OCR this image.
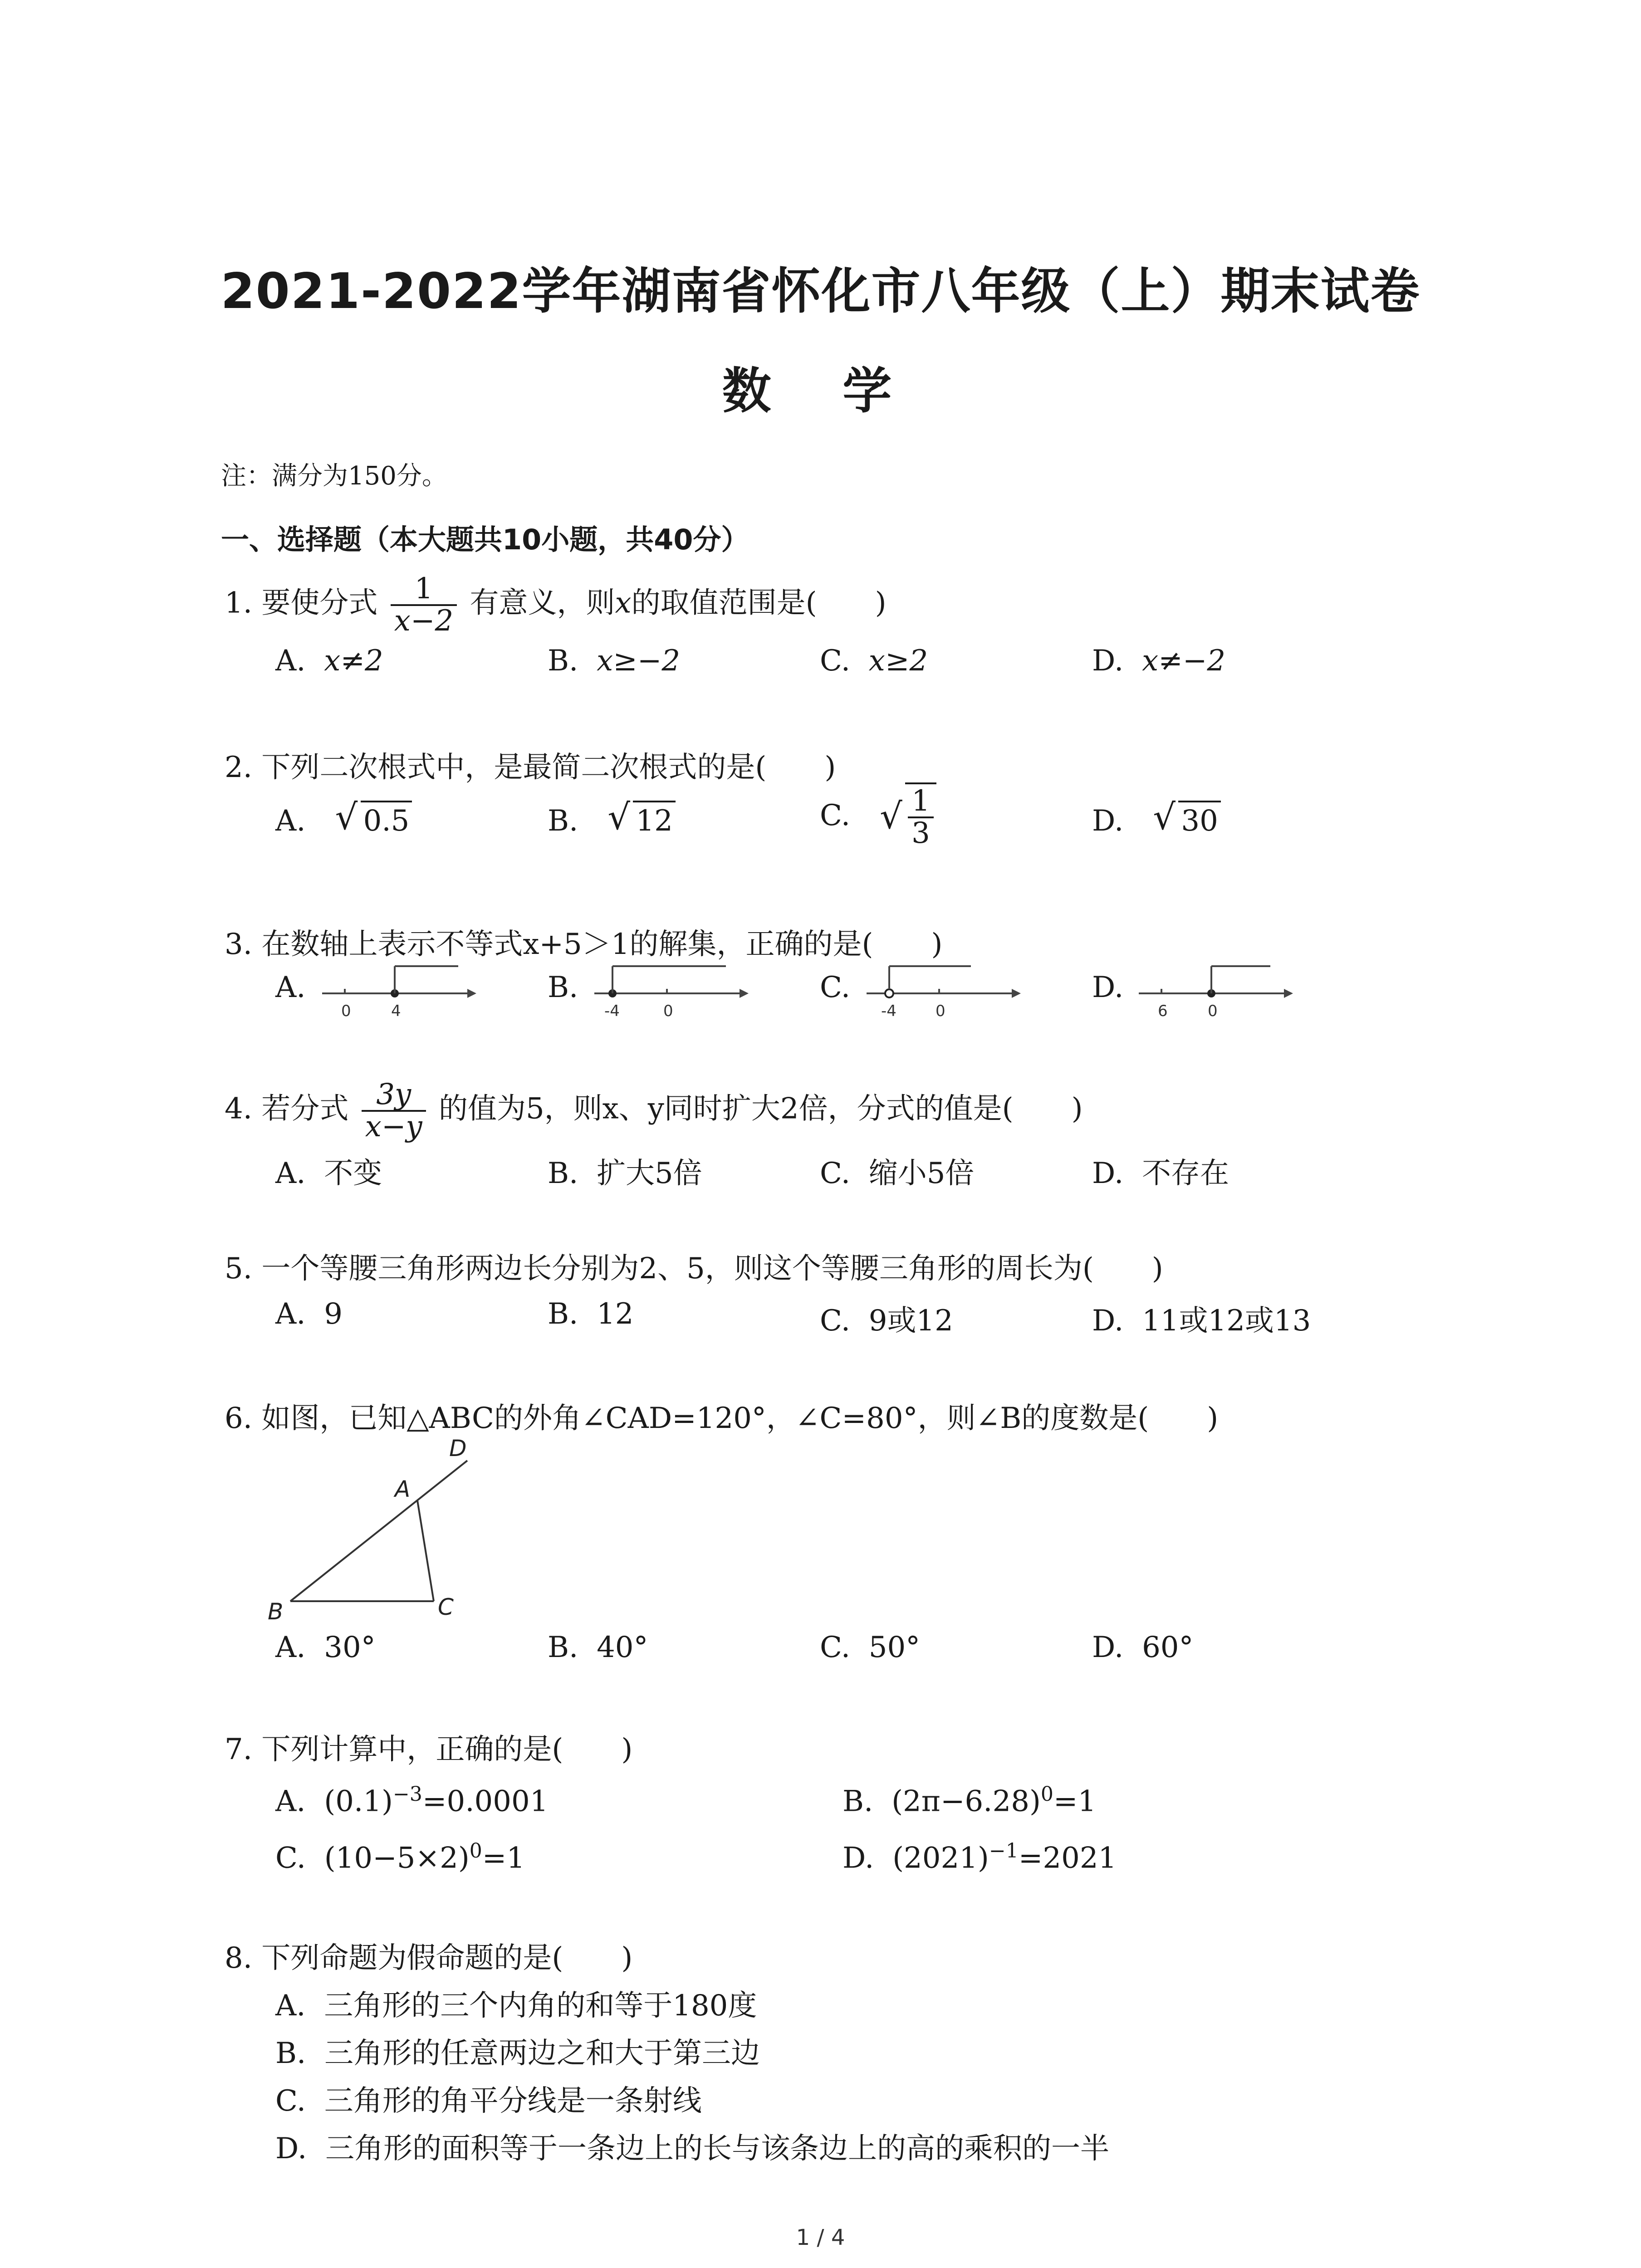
2021-2022学年湖南省怀化市八年级（上）期末试卷
数 学
注：满分为150分。
一、选择题（本大题共10小题，共40分）
1. 要使分式 $\frac{1}{x-2}$ 有意义，则x的取值范围是(　　)
A. x≠2	B. x≥−2	C. x≥2	D. x≠−2
2. 下列二次根式中，是最简二次根式的是(　　)
A. √ 0.5	B. √ 12	C. √ $\frac{1}{3}$	D. √ 30
3. 在数轴上表示不等式x+5＞1的解集，正确的是(　　)
A.	B.	C.	D.
0	4	-4	0	-4	0	6	0
4. 若分式 $\frac{3y}{x-y}$ 的值为5，则x、y同时扩大2倍，分式的值是(　　)
A. 不变	B. 扩大5倍	C. 缩小5倍	D. 不存在
5. 一个等腰三角形两边长分别为2、5，则这个等腰三角形的周长为(　　)
A. 9	B. 12	C. 9或12	D. 11或12或13
6. 如图，已知△ABC的外角∠CAD=120°，∠C=80°，则∠B的度数是(　　)
B	C
A
D
A. 30°	B. 40°	C. 50°	D. 60°
7. 下列计算中，正确的是(　　)
A. $(0.1)^{-3}=0.0001$	B. $(2\pi-6.28)^0=1$
C. $(10-5\times 2)^0=1$	D. $(2021)^{-1}=2021$
8. 下列命题为假命题的是(　　)
A. 三角形的三个内角的和等于180度
B. 三角形的任意两边之和大于第三边
C. 三角形的角平分线是一条射线
D. 三角形的面积等于一条边上的长与该条边上的高的乘积的一半
1 / 4
